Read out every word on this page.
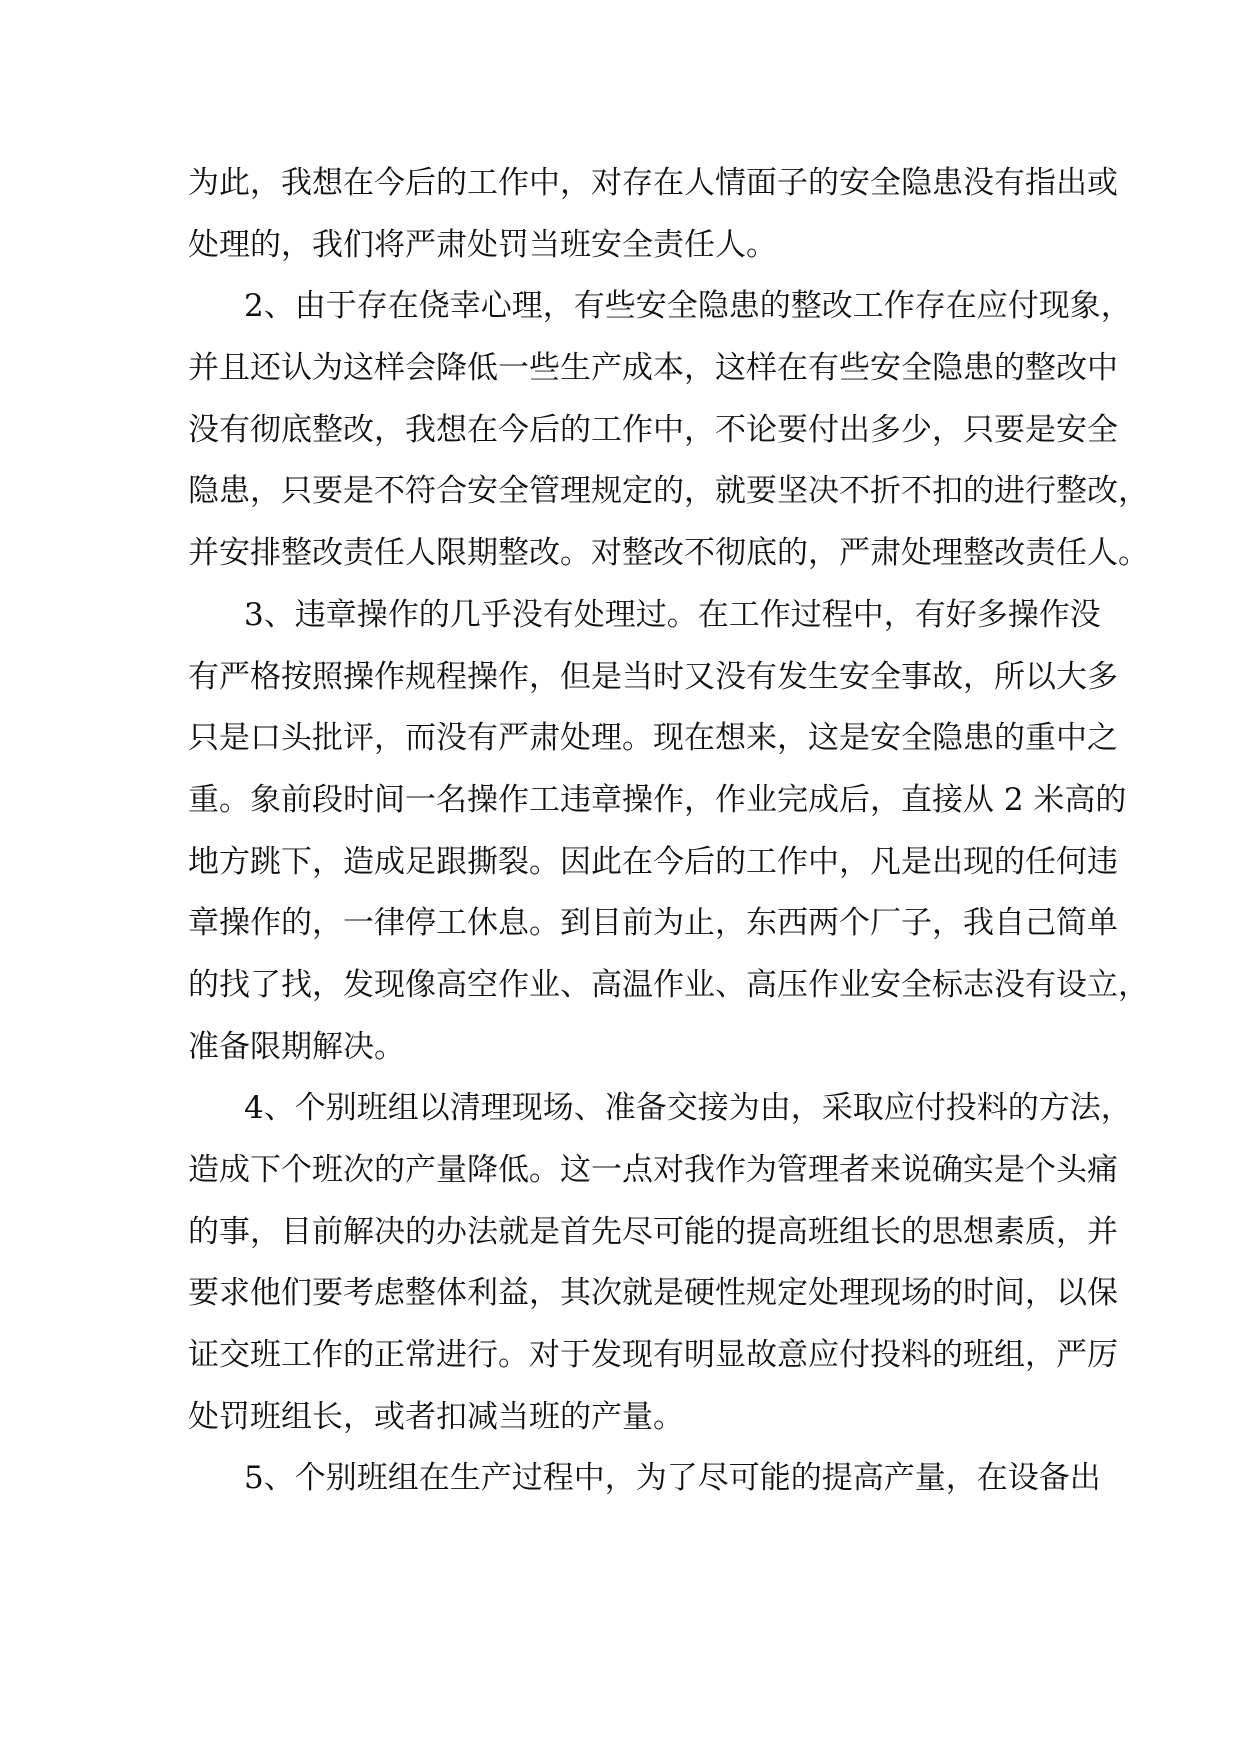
为此，我想在今后的工作中，对存在人情面子的安全隐患没有指出或
处理的，我们将严肃处罚当班安全责任人。
2、由于存在侥幸心理，有些安全隐患的整改工作存在应付现象，
并且还认为这样会降低一些生产成本，这样在有些安全隐患的整改中
没有彻底整改，我想在今后的工作中，不论要付出多少，只要是安全
隐患，只要是不符合安全管理规定的，就要坚决不折不扣的进行整改，
并安排整改责任人限期整改。对整改不彻底的，严肃处理整改责任人。
3、违章操作的几乎没有处理过。在工作过程中，有好多操作没
有严格按照操作规程操作，但是当时又没有发生安全事故，所以大多
只是口头批评，而没有严肃处理。现在想来，这是安全隐患的重中之
重。象前段时间一名操作工违章操作，作业完成后，直接从 2 米高的
地方跳下，造成足跟撕裂。因此在今后的工作中，凡是出现的任何违
章操作的，一律停工休息。到目前为止，东西两个厂子，我自己简单
的找了找，发现像高空作业、高温作业、高压作业安全标志没有设立，
准备限期解决。
4、个别班组以清理现场、准备交接为由，采取应付投料的方法，
造成下个班次的产量降低。这一点对我作为管理者来说确实是个头痛
的事，目前解决的办法就是首先尽可能的提高班组长的思想素质，并
要求他们要考虑整体利益，其次就是硬性规定处理现场的时间，以保
证交班工作的正常进行。对于发现有明显故意应付投料的班组，严厉
处罚班组长，或者扣减当班的产量。
5、个别班组在生产过程中，为了尽可能的提高产量，在设备出
